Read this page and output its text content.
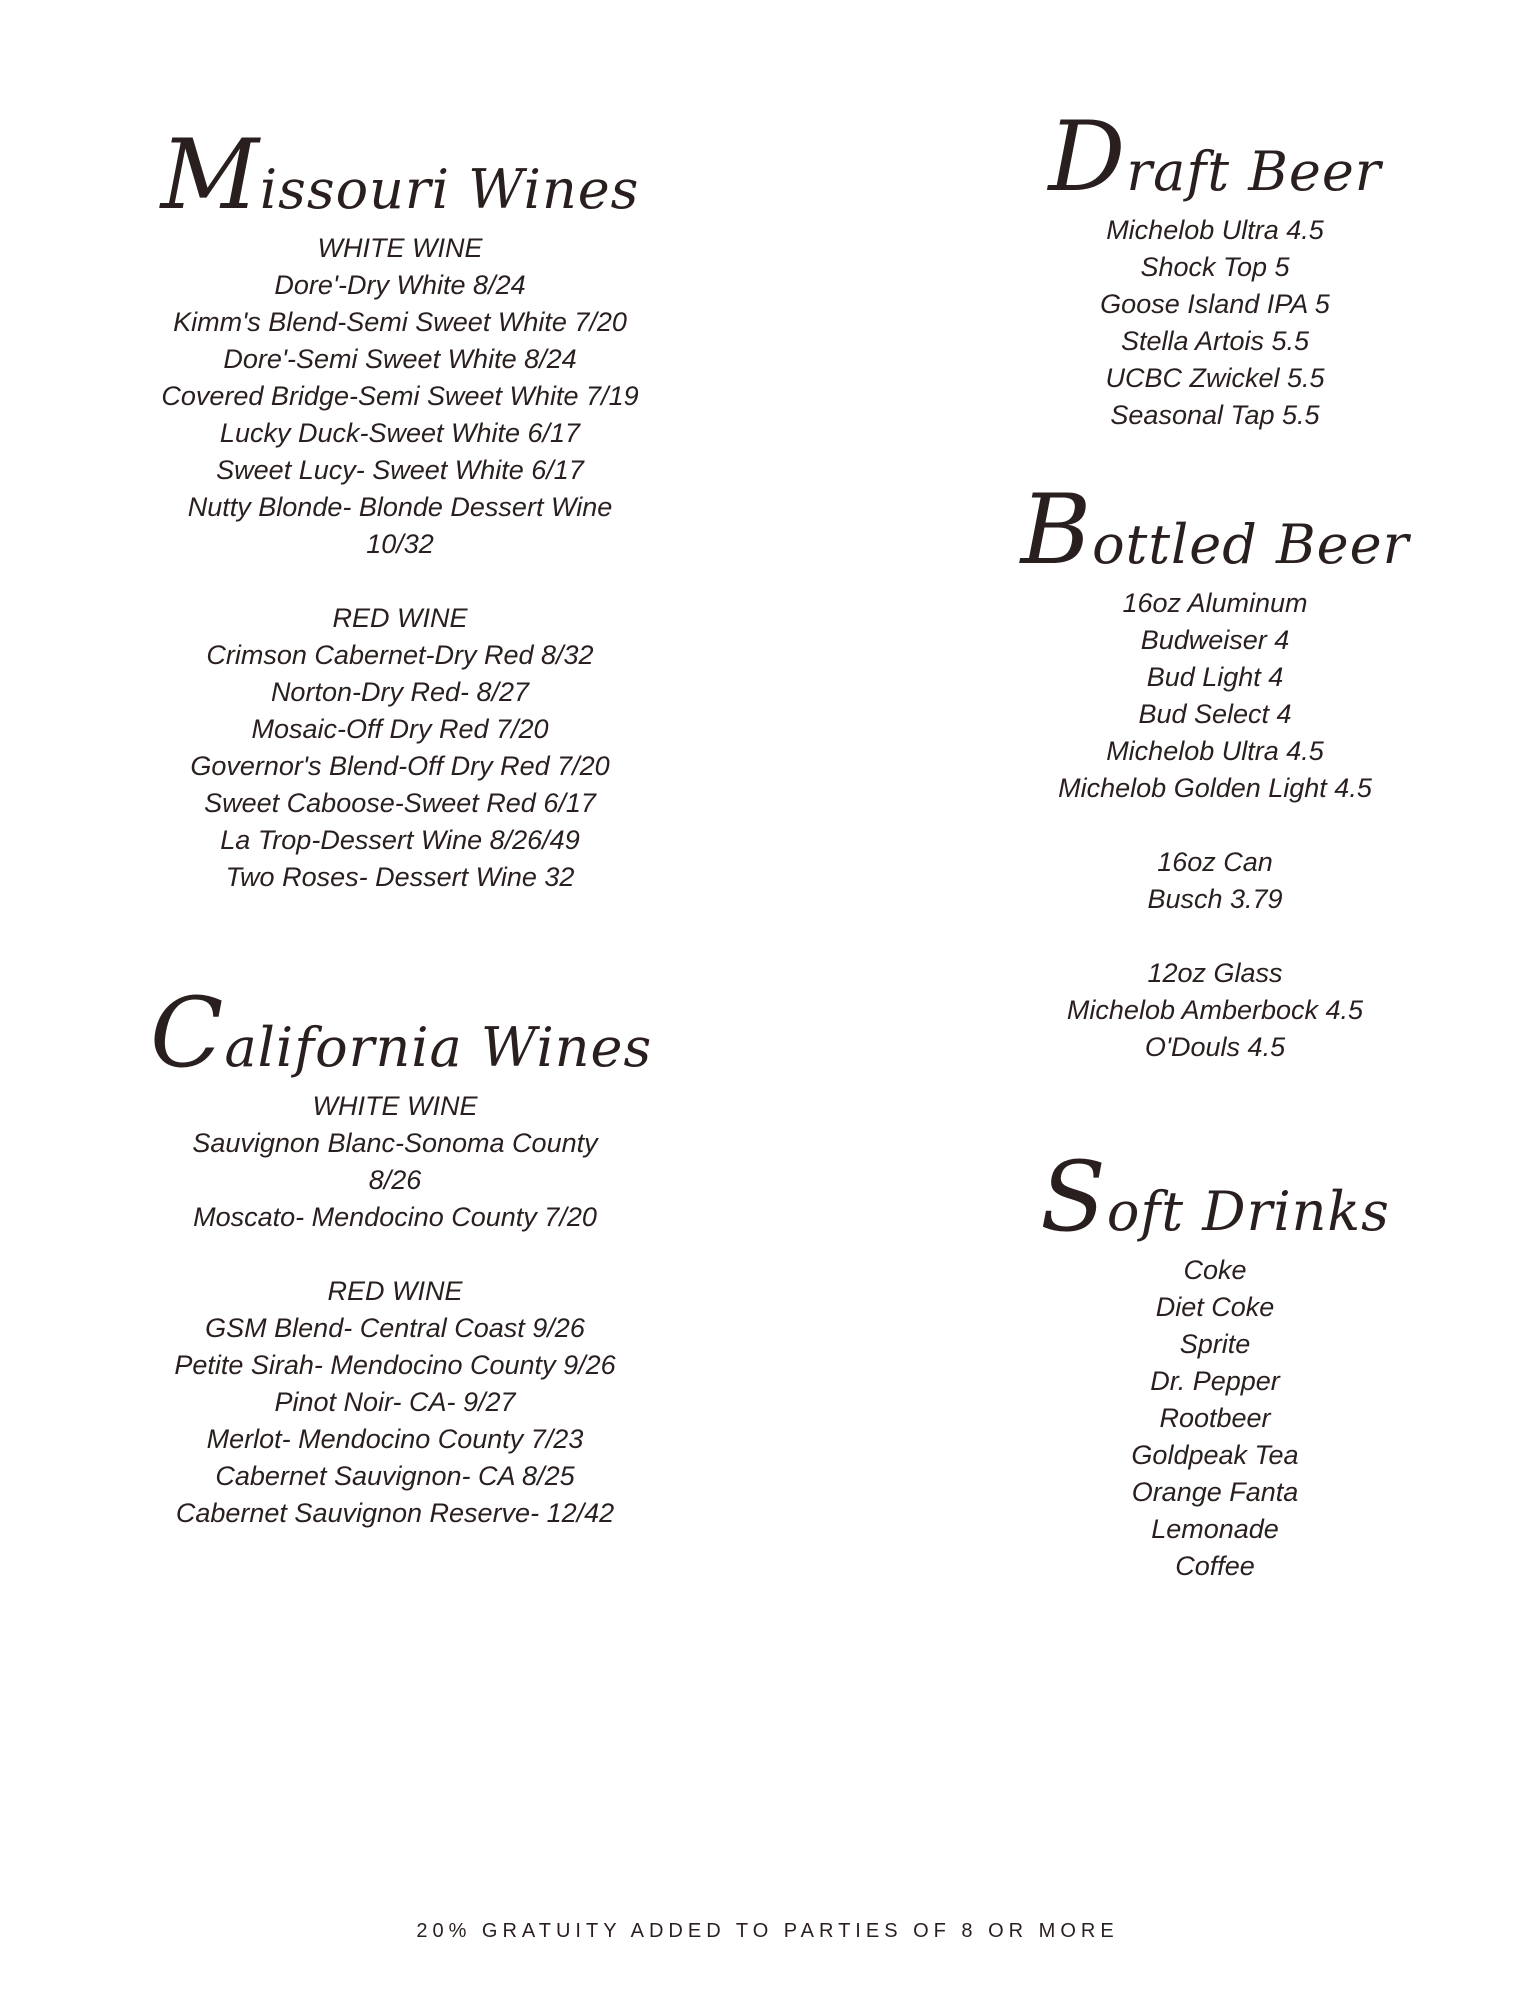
Missouri Wines
WHITE WINE
Dore'-Dry White 8/24
Kimm's Blend-Semi Sweet White 7/20
Dore'-Semi Sweet White 8/24
Covered Bridge-Semi Sweet White 7/19
Lucky Duck-Sweet White 6/17
Sweet Lucy- Sweet White 6/17
Nutty Blonde- Blonde Dessert Wine
10/32
RED WINE
Crimson Cabernet-Dry Red 8/32
Norton-Dry Red- 8/27
Mosaic-Off Dry Red 7/20
Governor's Blend-Off Dry Red 7/20
Sweet Caboose-Sweet Red 6/17
La Trop-Dessert Wine 8/26/49
Two Roses- Dessert Wine 32
California Wines
WHITE WINE
Sauvignon Blanc-Sonoma County
8/26
Moscato- Mendocino County 7/20
RED WINE
GSM Blend- Central Coast 9/26
Petite Sirah- Mendocino County 9/26
Pinot Noir- CA- 9/27
Merlot- Mendocino County 7/23
Cabernet Sauvignon- CA 8/25
Cabernet Sauvignon Reserve- 12/42
Draft Beer
Michelob Ultra 4.5
Shock Top 5
Goose Island IPA 5
Stella Artois 5.5
UCBC Zwickel 5.5
Seasonal Tap 5.5
Bottled Beer
16oz Aluminum
Budweiser 4
Bud Light 4
Bud Select 4
Michelob Ultra 4.5
Michelob Golden Light 4.5
16oz Can
Busch 3.79
12oz Glass
Michelob Amberbock 4.5
O'Douls 4.5
Soft Drinks
Coke
Diet Coke
Sprite
Dr. Pepper
Rootbeer
Goldpeak Tea
Orange Fanta
Lemonade
Coffee
20% GRATUITY ADDED TO PARTIES OF 8 OR MORE
